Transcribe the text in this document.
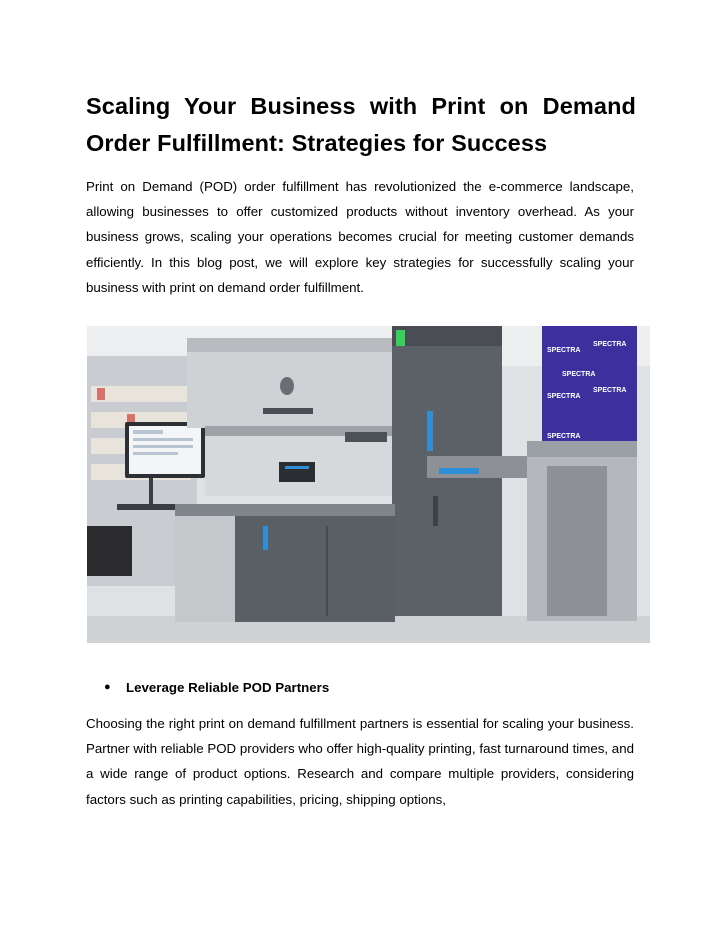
Scaling Your Business with Print on Demand Order Fulfillment: Strategies for Success

Print on Demand (POD) order fulfillment has revolutionized the e-commerce landscape, allowing businesses to offer customized products without inventory overhead. As your business grows, scaling your operations becomes crucial for meeting customer demands efficiently. In this blog post, we will explore key strategies for successfully scaling your business with print on demand order fulfillment.

SPECTRA
SPECTRA
SPECTRA
SPECTRA
SPECTRA
SPECTRA
●	Leverage Reliable POD Partners

Choosing the right print on demand fulfillment partners is essential for scaling your business. Partner with reliable POD providers who offer high-quality printing, fast turnaround times, and a wide range of product options. Research and compare multiple providers, considering factors such as printing capabilities, pricing, shipping options,
